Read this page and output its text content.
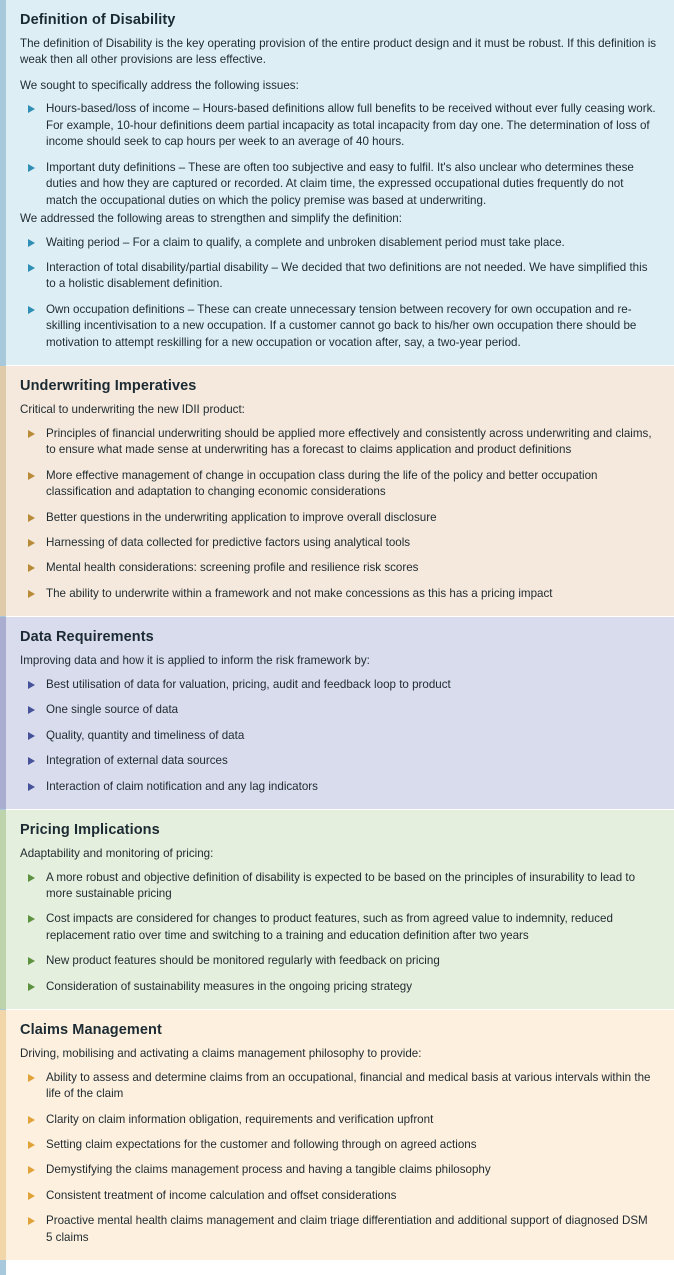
Definition of Disability

The definition of Disability is the key operating provision of the entire product design and it must be robust. If this definition is weak then all other provisions are less effective.

We sought to specifically address the following issues:

Hours-based/loss of income – Hours-based definitions allow full benefits to be received without ever fully ceasing work. For example, 10-hour definitions deem partial incapacity as total incapacity from day one. The determination of loss of income should seek to cap hours per week to an average of 40 hours.
Important duty definitions – These are often too subjective and easy to fulfil. It's also unclear who determines these duties and how they are captured or recorded. At claim time, the expressed occupational duties frequently do not match the occupational duties on which the policy premise was based at underwriting.

We addressed the following areas to strengthen and simplify the definition:

Waiting period – For a claim to qualify, a complete and unbroken disablement period must take place.
Interaction of total disability/partial disability – We decided that two definitions are not needed. We have simplified this to a holistic disablement definition.
Own occupation definitions – These can create unnecessary tension between recovery for own occupation and re-skilling incentivisation to a new occupation. If a customer cannot go back to his/her own occupation there should be motivation to attempt reskilling for a new occupation or vocation after, say, a two-year period.
Underwriting Imperatives

Critical to underwriting the new IDII product:

Principles of financial underwriting should be applied more effectively and consistently across underwriting and claims, to ensure what made sense at underwriting has a forecast to claims application and product definitions
More effective management of change in occupation class during the life of the policy and better occupation classification and adaptation to changing economic considerations
Better questions in the underwriting application to improve overall disclosure
Harnessing of data collected for predictive factors using analytical tools
Mental health considerations: screening profile and resilience risk scores
The ability to underwrite within a framework and not make concessions as this has a pricing impact
Data Requirements

Improving data and how it is applied to inform the risk framework by:

Best utilisation of data for valuation, pricing, audit and feedback loop to product
One single source of data
Quality, quantity and timeliness of data
Integration of external data sources
Interaction of claim notification and any lag indicators
Pricing Implications

Adaptability and monitoring of pricing:

A more robust and objective definition of disability is expected to be based on the principles of insurability to lead to more sustainable pricing
Cost impacts are considered for changes to product features, such as from agreed value to indemnity, reduced replacement ratio over time and switching to a training and education definition after two years
New product features should be monitored regularly with feedback on pricing
Consideration of sustainability measures in the ongoing pricing strategy
Claims Management

Driving, mobilising and activating a claims management philosophy to provide:

Ability to assess and determine claims from an occupational, financial and medical basis at various intervals within the life of the claim
Clarity on claim information obligation, requirements and verification upfront
Setting claim expectations for the customer and following through on agreed actions
Demystifying the claims management process and having a tangible claims philosophy
Consistent treatment of income calculation and offset considerations
Proactive mental health claims management and claim triage differentiation and additional support of diagnosed DSM 5 claims
